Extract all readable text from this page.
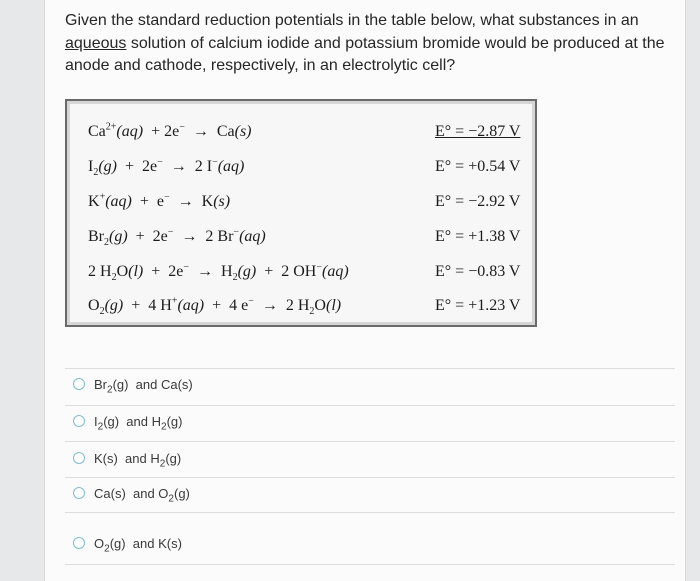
Given the standard reduction potentials in the table below, what substances in an
aqueous solution of calcium iodide and potassium bromide would be produced at the
anode and cathode, respectively, in an electrolytic cell?
$Ca^{2+}(aq) + 2e^- \to Ca(s)$	E° = −2.87 V
$I_2(g) + 2e^- \to 2$ I−(aq)	E° = +0.54 V
K+(aq)  +  e−  →  K(s)	E° = −2.92 V
$Br_2(g) + 2e^- \to 2$ Br−(aq)	E° = +1.38 V
2 $H_2O(l) + 2e^- \to H_2(g) + 2$ OH−(aq)	E° = −0.83 V
$O_2(g) + 4$ H+(aq)  +  4 e−  →  2 $H_2O(l)$	E° = +1.23 V
$Br_2(g)$  and Ca(s)
$I_2(g)$  and $H_2(g)$
K(s)  and $H_2(g)$
Ca(s)  and $O_2(g)$
$O_2(g)$  and K(s)
